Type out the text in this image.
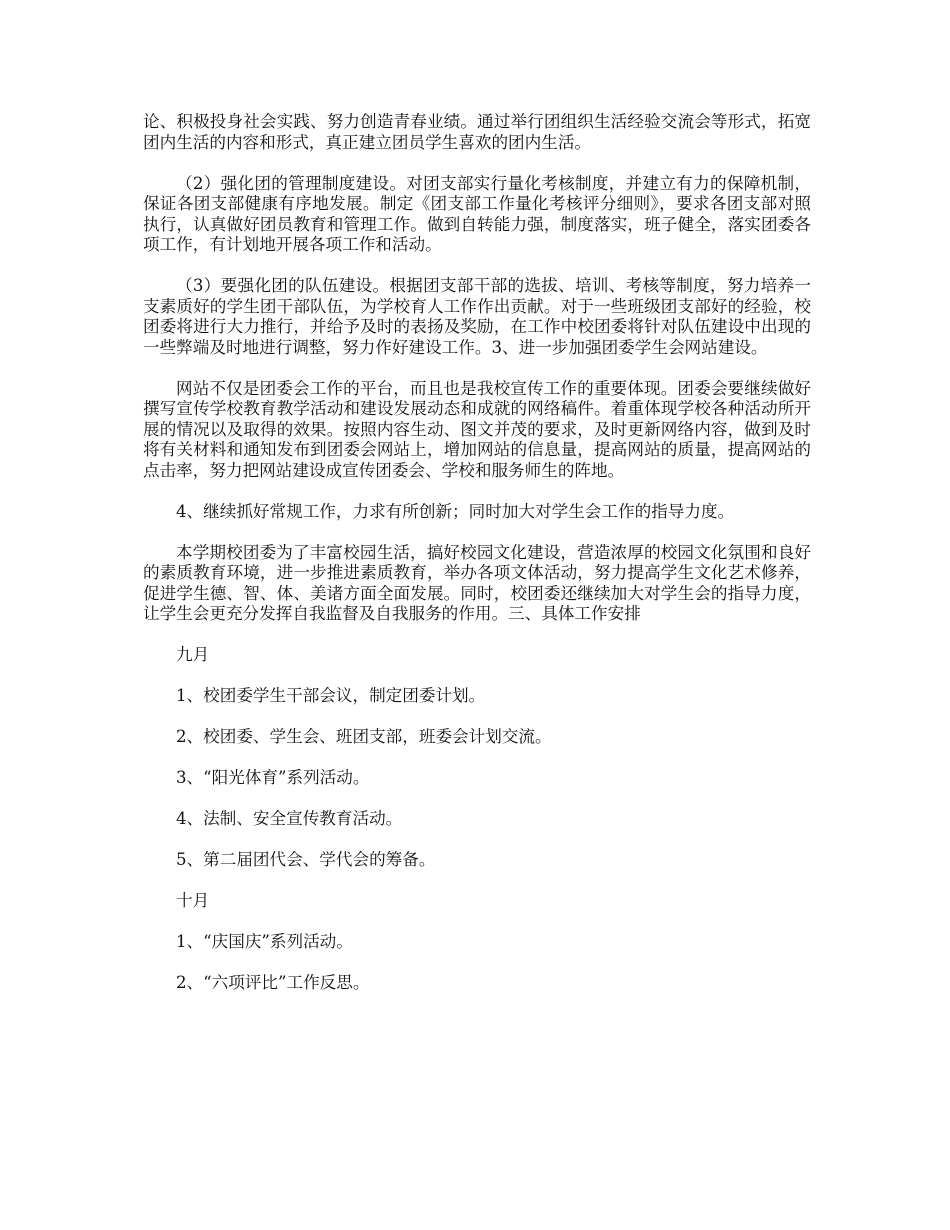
论、积极投身社会实践、努力创造青春业绩。通过举行团组织生活经验交流会等形式，拓宽团内生活的内容和形式，真正建立团员学生喜欢的团内生活。

（2）强化团的管理制度建设。对团支部实行量化考核制度，并建立有力的保障机制，保证各团支部健康有序地发展。制定《团支部工作量化考核评分细则》，要求各团支部对照执行，认真做好团员教育和管理工作。做到自转能力强，制度落实，班子健全，落实团委各项工作，有计划地开展各项工作和活动。

（3）要强化团的队伍建设。根据团支部干部的选拔、培训、考核等制度，努力培养一支素质好的学生团干部队伍，为学校育人工作作出贡献。对于一些班级团支部好的经验，校团委将进行大力推行，并给予及时的表扬及奖励，在工作中校团委将针对队伍建设中出现的一些弊端及时地进行调整，努力作好建设工作。3、进一步加强团委学生会网站建设。

网站不仅是团委会工作的平台，而且也是我校宣传工作的重要体现。团委会要继续做好撰写宣传学校教育教学活动和建设发展动态和成就的网络稿件。着重体现学校各种活动所开展的情况以及取得的效果。按照内容生动、图文并茂的要求，及时更新网络内容，做到及时将有关材料和通知发布到团委会网站上，增加网站的信息量，提高网站的质量，提高网站的点击率，努力把网站建设成宣传团委会、学校和服务师生的阵地。

4、继续抓好常规工作，力求有所创新；同时加大对学生会工作的指导力度。

本学期校团委为了丰富校园生活，搞好校园文化建设，营造浓厚的校园文化氛围和良好的素质教育环境，进一步推进素质教育，举办各项文体活动，努力提高学生文化艺术修养，促进学生德、智、体、美诸方面全面发展。同时，校团委还继续加大对学生会的指导力度，让学生会更充分发挥自我监督及自我服务的作用。三、具体工作安排

九月

1、校团委学生干部会议，制定团委计划。

2、校团委、学生会、班团支部，班委会计划交流。

3、“阳光体育”系列活动。

4、法制、安全宣传教育活动。

5、第二届团代会、学代会的筹备。

十月

1、“庆国庆”系列活动。

2、“六项评比”工作反思。
